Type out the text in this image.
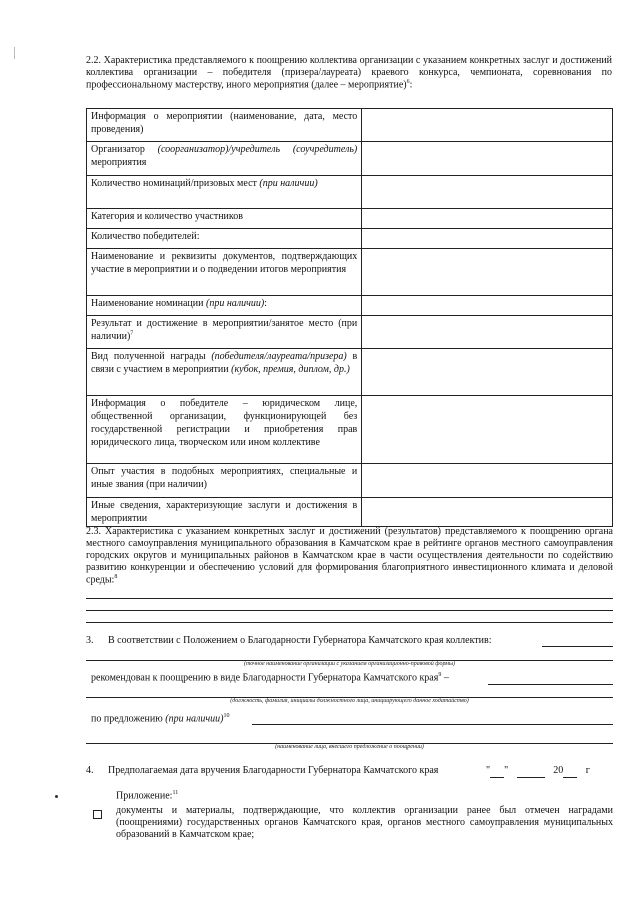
2.2. Характеристика представляемого к поощрению коллектива организации с указанием конкретных заслуг и достижений коллектива организации – победителя (призера/лауреата) краевого конкурса, чемпионата, соревнования по профессиональному мастерству, иного мероприятия (далее – мероприятие)$^6$:

Информация о мероприятии (наименование, дата, место проведения)	
Организатор (соорганизатор)/учредитель (соучредитель) мероприятия	
Количество номинаций/призовых мест (при наличии)	
Категория и количество участников	
Количество победителей:	
Наименование и реквизиты документов, подтверждающих участие в мероприятии и о подведении итогов мероприятия	
Наименование номинации (при наличии):	
Результат и достижение в мероприятии/занятое место (при наличии)$^7$	
Вид полученной награды (победителя/лауреата/призера) в связи с участием в мероприятии (кубок, премия, диплом, др.)	
Информация о победителе – юридическом лице, общественной организации, функционирующей без государственной регистрации и приобретения прав юридического лица, творческом или ином коллективе	
Опыт участия в подобных мероприятиях, специальные и иные звания (при наличии)	
Иные сведения, характеризующие заслуги и достижения в мероприятии	

2.3. Характеристика с указанием конкретных заслуг и достижений (результатов) представляемого к поощрению органа местного самоуправления муниципального образования в Камчатском крае в рейтинге органов местного самоуправления городских округов и муниципальных районов в Камчатском крае в части осуществления деятельности по содействию развитию конкуренции и обеспечению условий для формирования благоприятного инвестиционного климата и деловой среды:$^8$

3. В соответствии с Положением о Благодарности Губернатора Камчатского края коллектив:
(точное наименование организации с указанием организационно-правовой формы)
рекомендован к поощрению в виде Благодарности Губернатора Камчатского края$^9$ –
(должность, фамилия, инициалы должностного лица, инициирующего данное ходатайство)
по предложению (при наличии)$^{10}$
(наименование лица, внесшего предложение о поощрении)
4. Предполагаемая дата вручения Благодарности Губернатора Камчатского края	" "	20 г
Приложение:$^{11}$
документы и материалы, подтверждающие, что коллектив организации ранее был отмечен наградами (поощрениями) государственных органов Камчатского края, органов местного самоуправления муниципальных образований в Камчатском крае;
